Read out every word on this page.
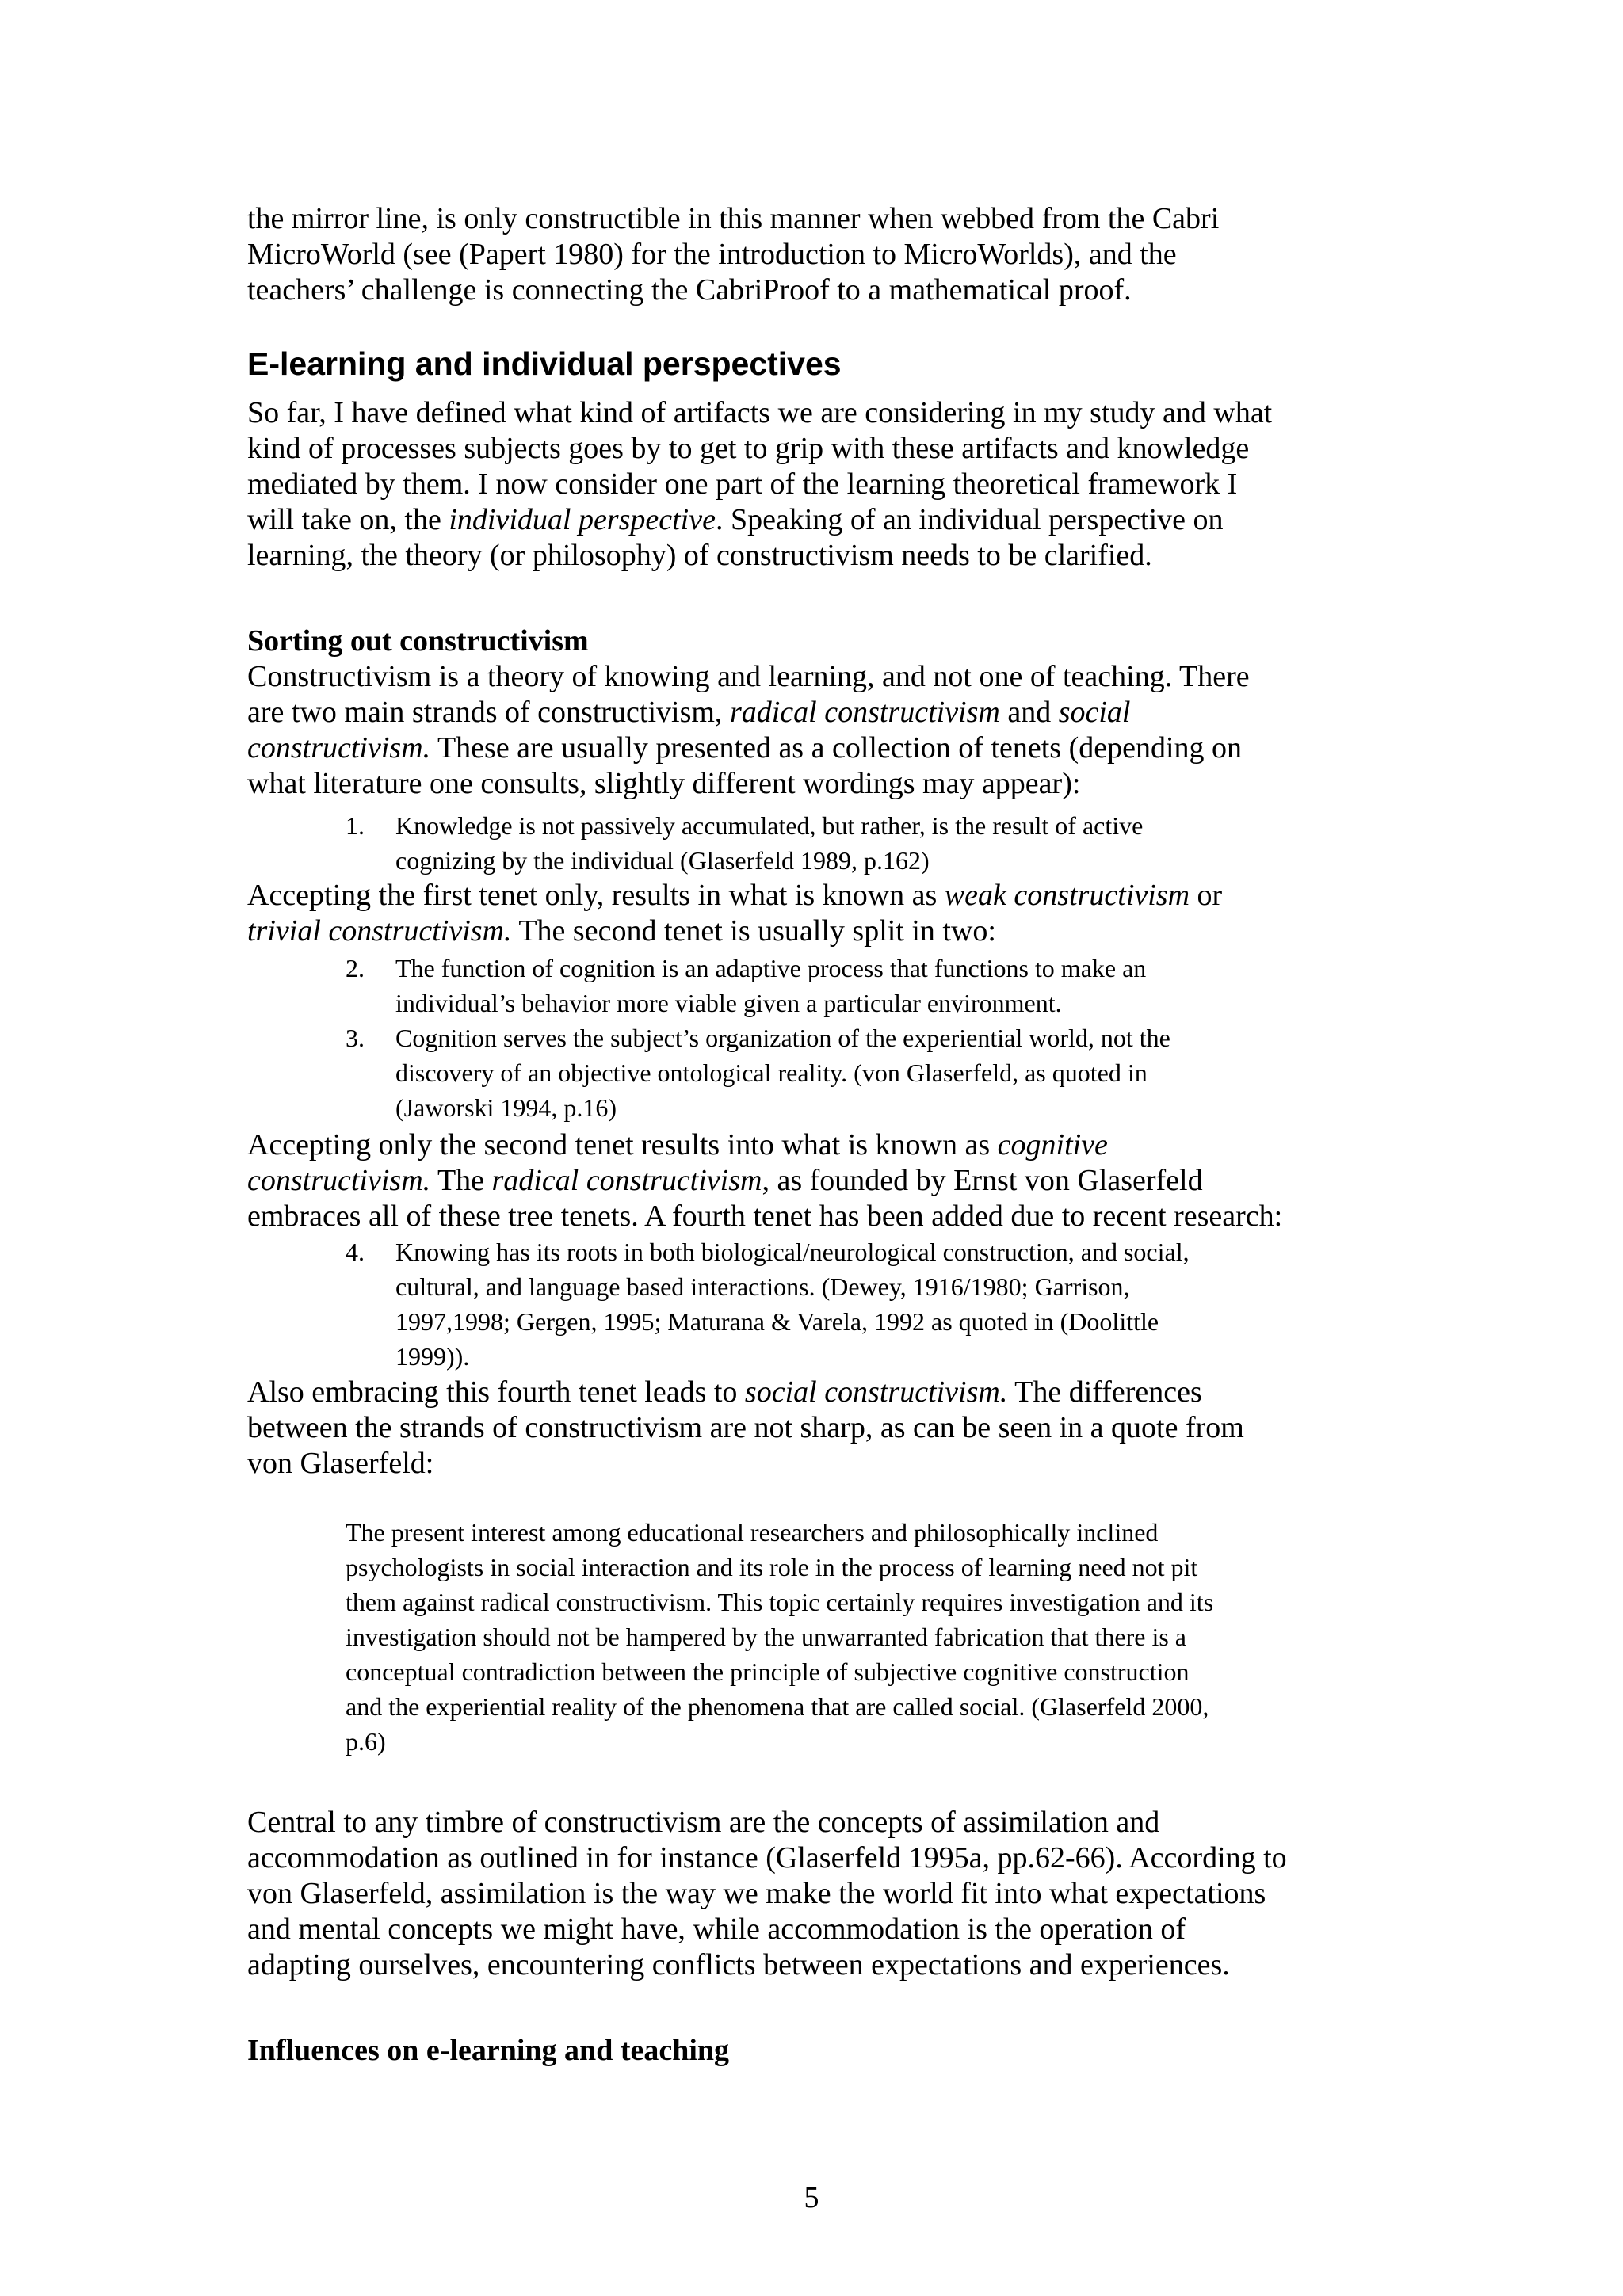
the mirror line, is only constructible in this manner when webbed from the Cabri

MicroWorld (see (Papert 1980) for the introduction to MicroWorlds), and the

teachers’ challenge is connecting the CabriProof to a mathematical proof.

E-learning and individual perspectives

So far, I have defined what kind of artifacts we are considering in my study and what

kind of processes subjects goes by to get to grip with these artifacts and knowledge

mediated by them. I now consider one part of the learning theoretical framework I

will take on, the individual perspective. Speaking of an individual perspective on

learning, the theory (or philosophy) of constructivism needs to be clarified.

Sorting out constructivism

Constructivism is a theory of knowing and learning, and not one of teaching. There

are two main strands of constructivism, radical constructivism and social

constructivism. These are usually presented as a collection of tenets (depending on

what literature one consults, slightly different wordings may appear):

1. Knowledge is not passively accumulated, but rather, is the result of active
cognizing by the individual (Glaserfeld 1989, p.162)

Accepting the first tenet only, results in what is known as weak constructivism or

trivial constructivism. The second tenet is usually split in two:

2. The function of cognition is an adaptive process that functions to make an
individual’s behavior more viable given a particular environment.
3. Cognition serves the subject’s organization of the experiential world, not the
discovery of an objective ontological reality. (von Glaserfeld, as quoted in
(Jaworski 1994, p.16)

Accepting only the second tenet results into what is known as cognitive

constructivism. The radical constructivism, as founded by Ernst von Glaserfeld

embraces all of these tree tenets. A fourth tenet has been added due to recent research:

4. Knowing has its roots in both biological/neurological construction, and social,
cultural, and language based interactions. (Dewey, 1916/1980; Garrison,
1997,1998; Gergen, 1995; Maturana & Varela, 1992 as quoted in (Doolittle
1999)).

Also embracing this fourth tenet leads to social constructivism. The differences

between the strands of constructivism are not sharp, as can be seen in a quote from

von Glaserfeld:

The present interest among educational researchers and philosophically inclined
psychologists in social interaction and its role in the process of learning need not pit
them against radical constructivism. This topic certainly requires investigation and its
investigation should not be hampered by the unwarranted fabrication that there is a
conceptual contradiction between the principle of subjective cognitive construction
and the experiential reality of the phenomena that are called social. (Glaserfeld 2000,
p.6)

Central to any timbre of constructivism are the concepts of assimilation and

accommodation as outlined in for instance (Glaserfeld 1995a, pp.62-66). According to

von Glaserfeld, assimilation is the way we make the world fit into what expectations

and mental concepts we might have, while accommodation is the operation of

adapting ourselves, encountering conflicts between expectations and experiences.

Influences on e-learning and teaching
5
